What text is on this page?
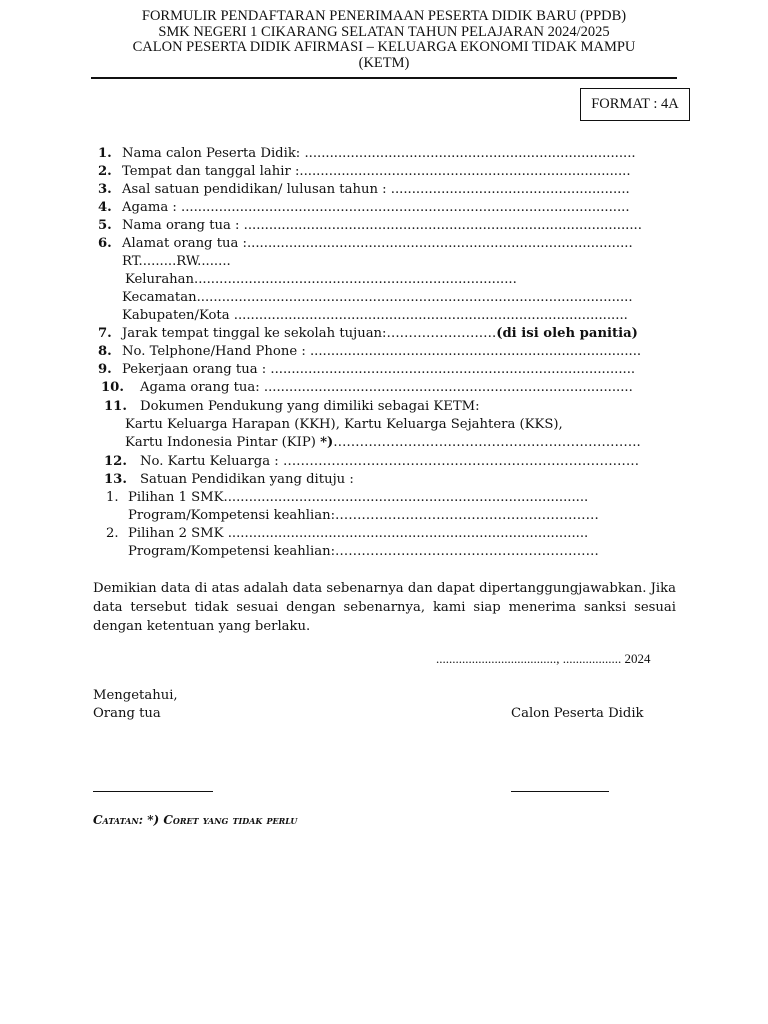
FORMULIR PENDAFTARAN PENERIMAAN PESERTA DIDIK BARU (PPDB)
SMK NEGERI 1 CIKARANG SELATAN TAHUN PELAJARAN 2024/2025
CALON PESERTA DIDIK AFIRMASI – KELUARGA EKONOMI TIDAK MAMPU
(KETM)
FORMAT : 4A
1. Nama calon Peserta Didik: ...............................................................................
2. Tempat dan tanggal lahir :...............................................................................
3. Asal satuan pendidikan/ lulusan tahun : .........................................................
4. Agama : ...........................................................................................................
5. Nama orang tua : ...............................................................................................
6. Alamat orang tua :............................................................................................
RT.........RW........
Kelurahan.............................................................................
Kecamatan........................................................................................................
Kabupaten/Kota ..............................................................................................
7. Jarak tempat tinggal ke sekolah tujuan:…………………….(di isi oleh panitia)
8. No. Telphone/Hand Phone : ...............................................................................
9. Pekerjaan orang tua : .......................................................................................
10. Agama orang tua: ........................................................................................
11. Dokumen Pendukung yang dimiliki sebagai KETM:
Kartu Keluarga Harapan (KKH), Kartu Keluarga Sejahtera (KKS),
Kartu Indonesia Pintar (KIP) *)…………………………………………………………….
12. No. Kartu Keluarga : ………………………………………………………………………
13. Satuan Pendidikan yang dituju :
1. Pilihan 1 SMK.......................................................................................
Program/Kompetensi keahlian:……………………………………………………
2. Pilihan 2 SMK ......................................................................................
Program/Kompetensi keahlian:……………………………………………………
Demikian data di atas adalah data sebenarnya dan dapat dipertanggungjawabkan. Jika data tersebut tidak sesuai dengan sebenarnya, kami siap menerima sanksi sesuai dengan ketentuan yang berlaku.
....................................., .................. 2024
Mengetahui,
Orang tua	Calon Peserta Didik
Catatan: *) Coret yang tidak perlu
